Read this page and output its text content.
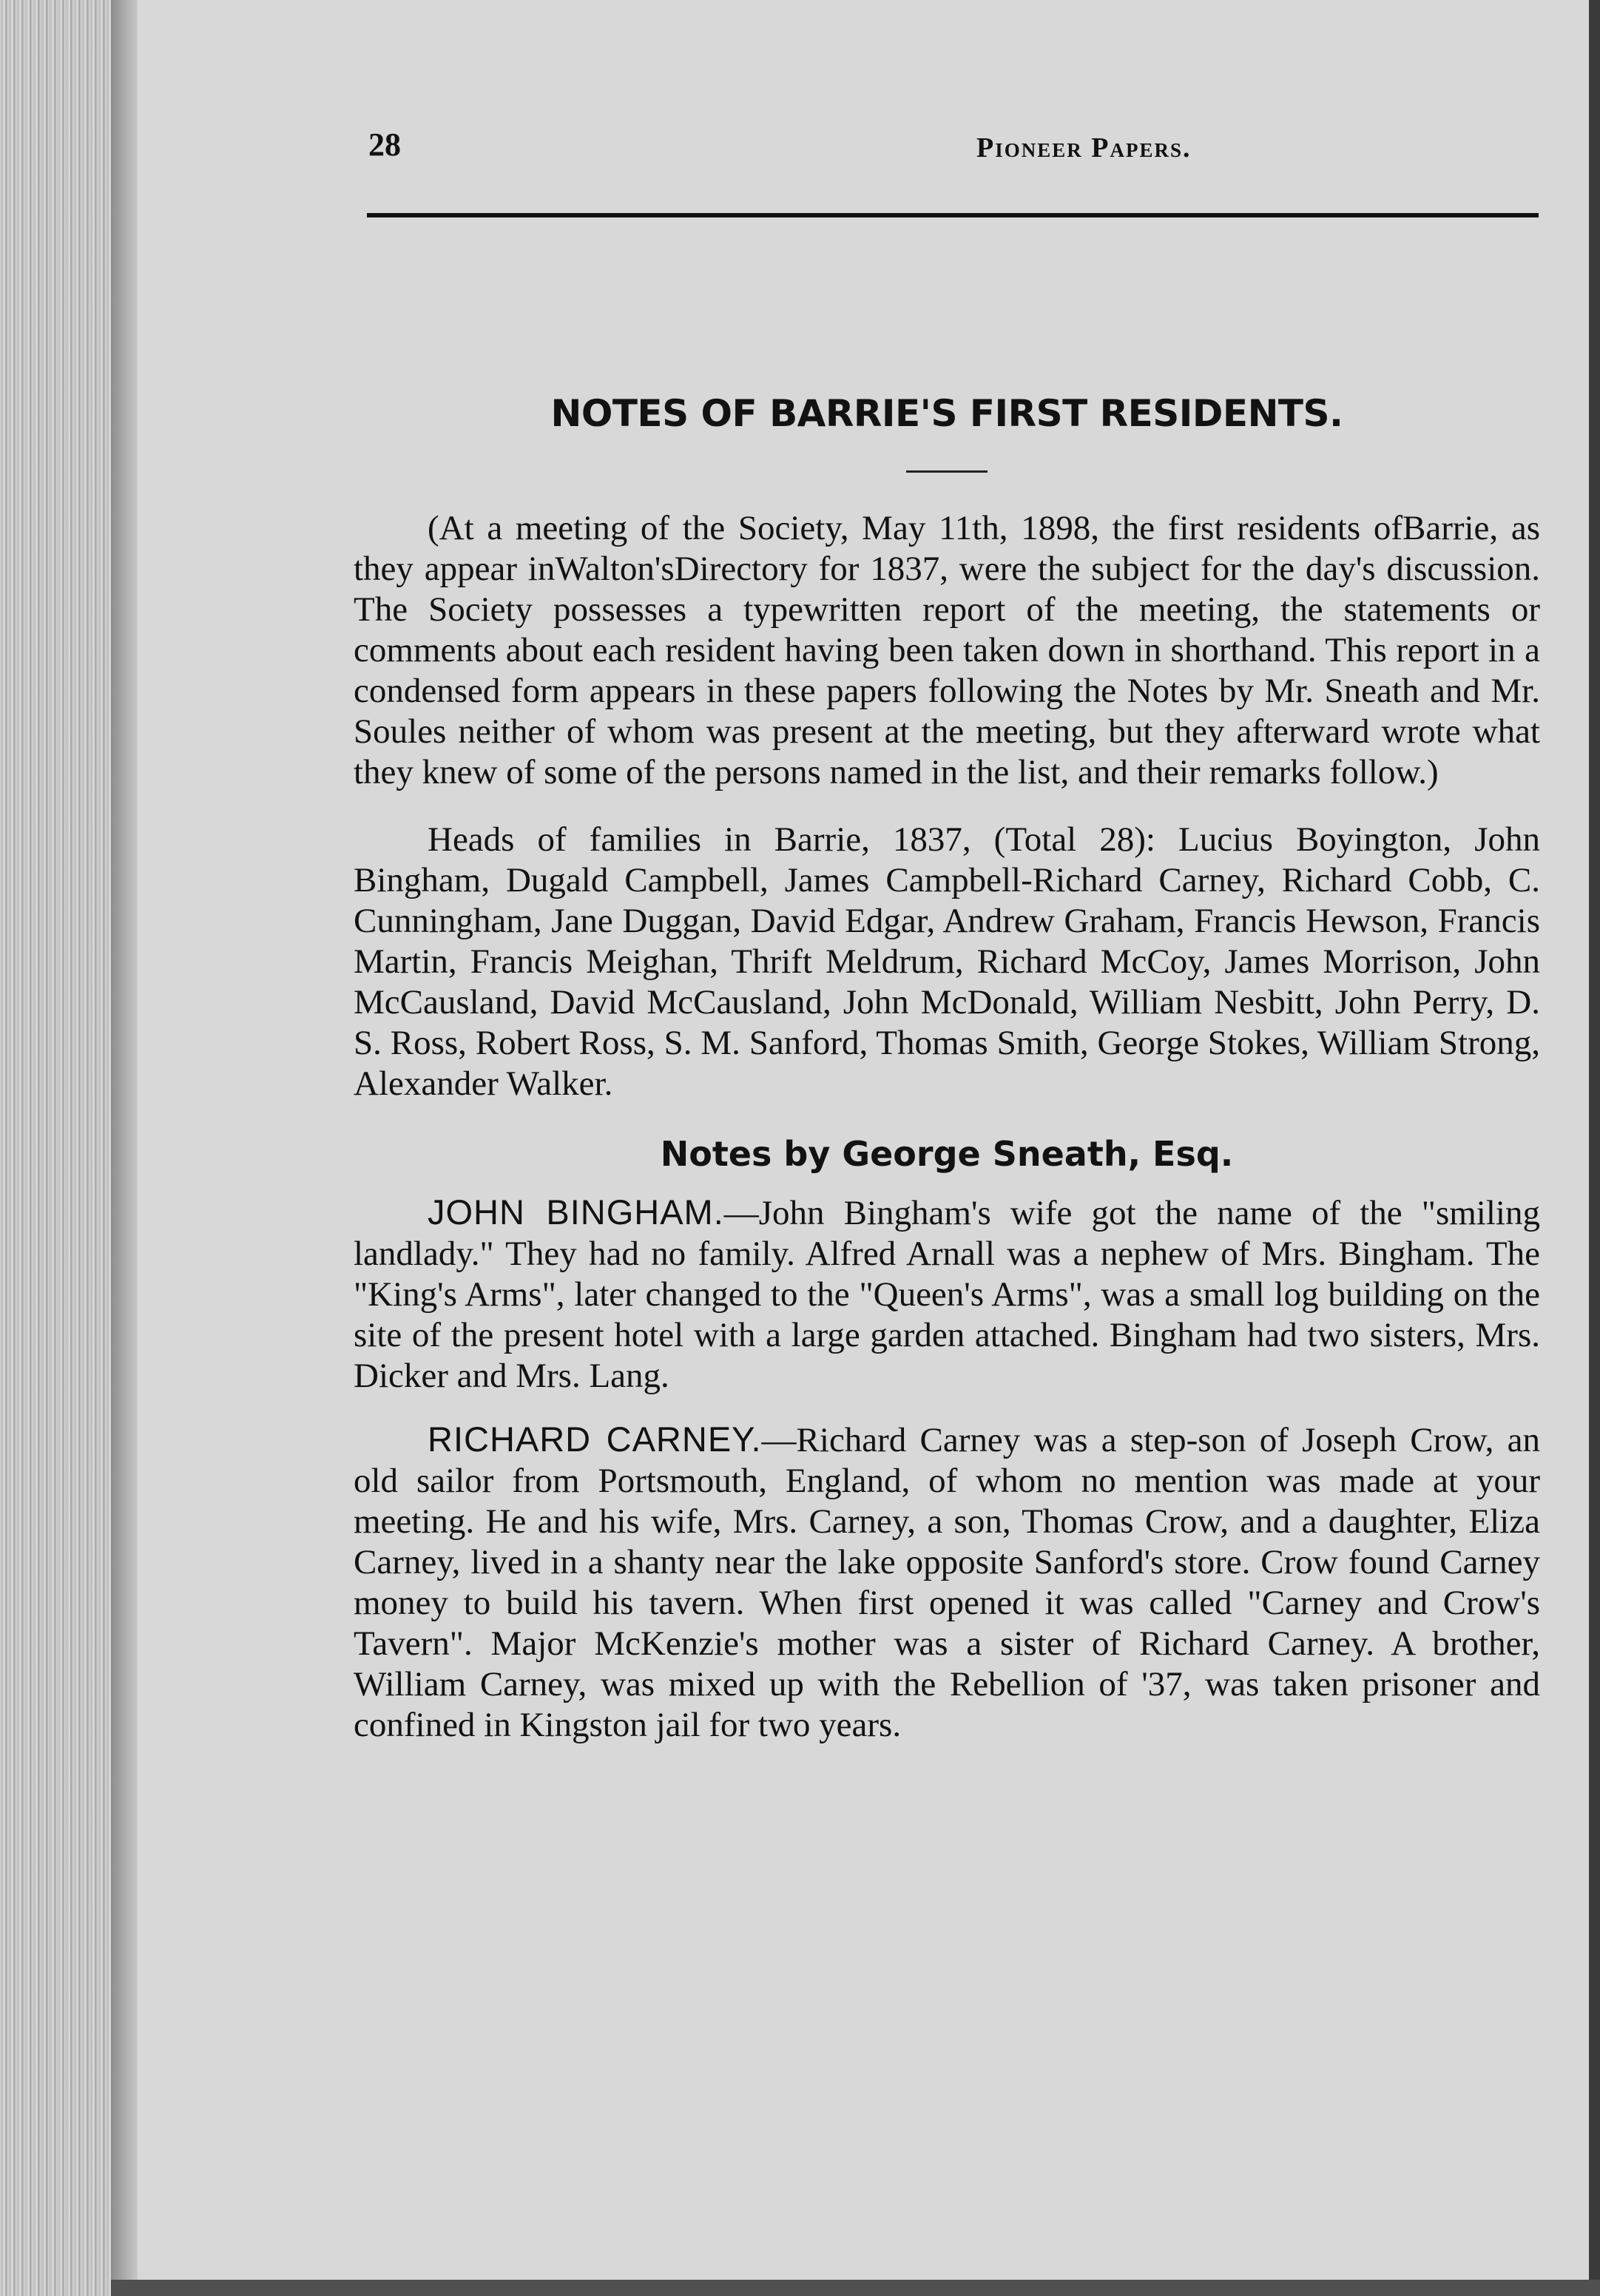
28	Pioneer Papers.
NOTES OF BARRIE'S FIRST RESIDENTS.

(At a meeting of the Society, May 11th, 1898, the first residents ofBarrie, as they appear inWalton'sDirectory for 1837, were the subject for the day's discussion. The Society possesses a typewritten report of the meeting, the statements or comments about each resident having been taken down in shorthand. This report in a condensed form appears in these papers following the Notes by Mr. Sneath and Mr. Soules neither of whom was present at the meeting, but they afterward wrote what they knew of some of the persons named in the list, and their remarks follow.)

Heads of families in Barrie, 1837, (Total 28): Lucius Boyington, John Bingham, Dugald Campbell, James Campbell-Richard Carney, Richard Cobb, C. Cunningham, Jane Duggan, David Edgar, Andrew Graham, Francis Hewson, Francis Martin, Francis Meighan, Thrift Meldrum, Richard McCoy, James Morrison, John McCausland, David McCausland, John McDonald, William Nesbitt, John Perry, D. S. Ross, Robert Ross, S. M. Sanford, Thomas Smith, George Stokes, William Strong, Alexander Walker.

Notes by George Sneath, Esq.

JOHN BINGHAM.—John Bingham's wife got the name of the "smiling landlady." They had no family. Alfred Arnall was a nephew of Mrs. Bingham. The "King's Arms", later changed to the "Queen's Arms", was a small log building on the site of the present hotel with a large garden attached. Bingham had two sisters, Mrs. Dicker and Mrs. Lang.

RICHARD CARNEY.—Richard Carney was a step-son of Joseph Crow, an old sailor from Portsmouth, England, of whom no mention was made at your meeting. He and his wife, Mrs. Carney, a son, Thomas Crow, and a daughter, Eliza Carney, lived in a shanty near the lake opposite Sanford's store. Crow found Carney money to build his tavern. When first opened it was called "Carney and Crow's Tavern". Major McKenzie's mother was a sister of Richard Carney. A brother, William Carney, was mixed up with the Rebellion of '37, was taken prisoner and confined in Kingston jail for two years.
